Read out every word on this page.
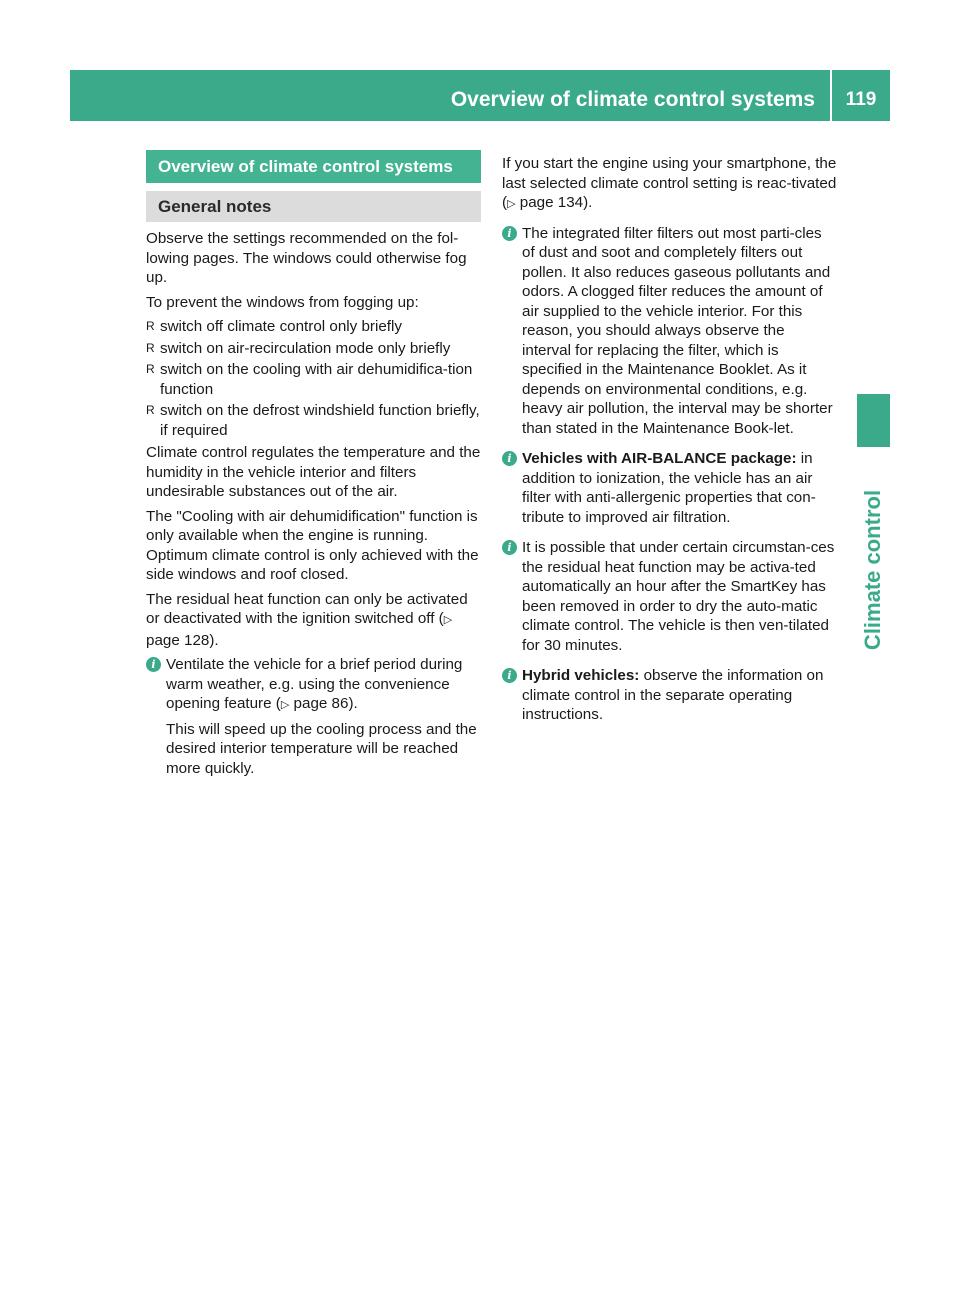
Overview of climate control systems	119
Climate control
Overview of climate control systems
General notes

Observe the settings recommended on the fol-lowing pages. The windows could otherwise fog up.

To prevent the windows from fogging up:

R switch off climate control only briefly
R switch on air-recirculation mode only briefly
R switch on the cooling with air dehumidifica-tion function
R switch on the defrost windshield function briefly, if required

Climate control regulates the temperature and the humidity in the vehicle interior and filters undesirable substances out of the air.

The "Cooling with air dehumidification" function is only available when the engine is running. Optimum climate control is only achieved with the side windows and roof closed.

The residual heat function can only be activated or deactivated with the ignition switched off (▷ page 128).

i Ventilate the vehicle for a brief period during warm weather, e.g. using the convenience opening feature (▷ page 86).

This will speed up the cooling process and the desired interior temperature will be reached more quickly.

If you start the engine using your smartphone, the last selected climate control setting is reac-tivated (▷ page 134).

i The integrated filter filters out most parti-cles of dust and soot and completely filters out pollen. It also reduces gaseous pollutants and odors. A clogged filter reduces the amount of air supplied to the vehicle interior. For this reason, you should always observe the interval for replacing the filter, which is specified in the Maintenance Booklet. As it depends on environmental conditions, e.g. heavy air pollution, the interval may be shorter than stated in the Maintenance Book-let.

i Vehicles with AIR-BALANCE package: in addition to ionization, the vehicle has an air filter with anti-allergenic properties that con-tribute to improved air filtration.

i It is possible that under certain circumstan-ces the residual heat function may be activa-ted automatically an hour after the SmartKey has been removed in order to dry the auto-matic climate control. The vehicle is then ven-tilated for 30 minutes.

i Hybrid vehicles: observe the information on climate control in the separate operating instructions.
